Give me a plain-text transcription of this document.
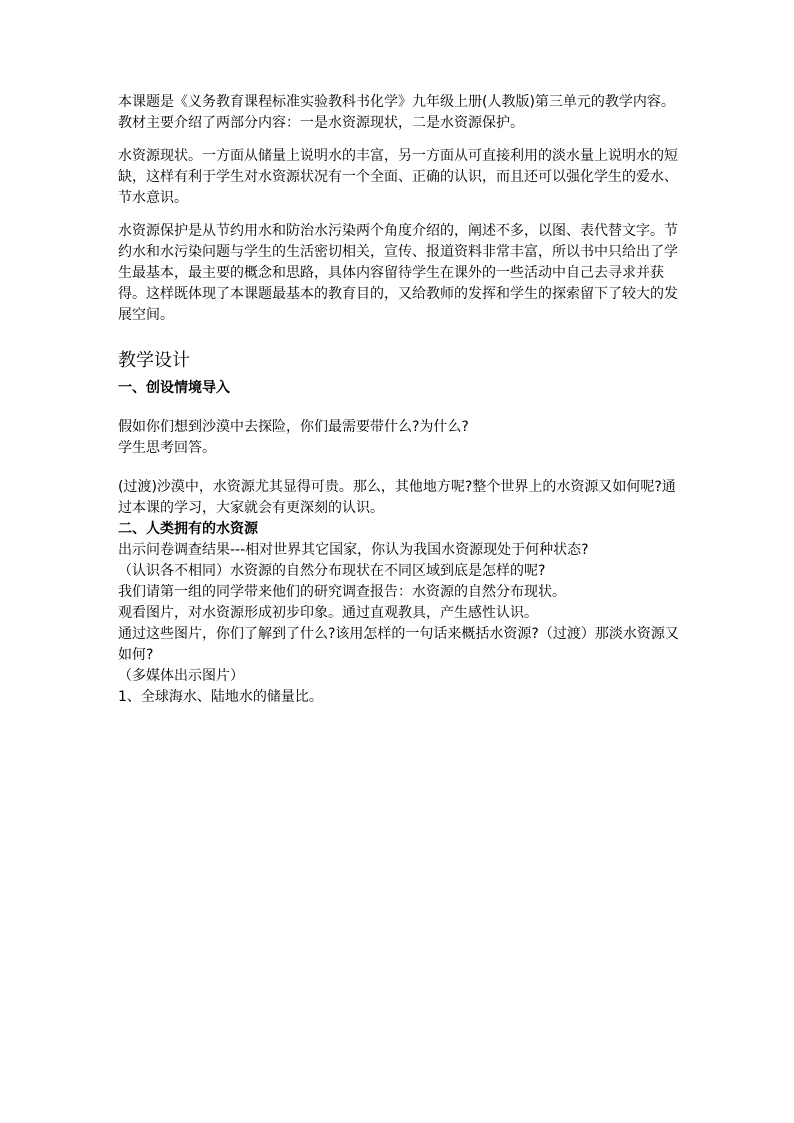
本课题是《义务教育课程标准实验教科书化学》九年级上册(人教版)第三单元的教学内容。教材主要介绍了两部分内容：一是水资源现状，二是水资源保护。

水资源现状。一方面从储量上说明水的丰富，另一方面从可直接利用的淡水量上说明水的短缺，这样有利于学生对水资源状况有一个全面、正确的认识，而且还可以强化学生的爱水、节水意识。

水资源保护是从节约用水和防治水污染两个角度介绍的，阐述不多，以图、表代替文字。节约水和水污染问题与学生的生活密切相关，宣传、报道资料非常丰富，所以书中只给出了学生最基本，最主要的概念和思路，具体内容留待学生在课外的一些活动中自己去寻求并获得。这样既体现了本课题最基本的教育目的，又给教师的发挥和学生的探索留下了较大的发展空间。

教学设计
一、创设情境导入

假如你们想到沙漠中去探险，你们最需要带什么?为什么?

学生思考回答。

(过渡)沙漠中，水资源尤其显得可贵。那么，其他地方呢?整个世界上的水资源又如何呢?通过本课的学习，大家就会有更深刻的认识。

二、人类拥有的水资源

出示问卷调查结果---相对世界其它国家，你认为我国水资源现处于何种状态?

（认识各不相同）水资源的自然分布现状在不同区域到底是怎样的呢?

我们请第一组的同学带来他们的研究调查报告：水资源的自然分布现状。

观看图片，对水资源形成初步印象。通过直观教具，产生感性认识。

通过这些图片，你们了解到了什么?该用怎样的一句话来概括水资源?（过渡）那淡水资源又如何?

（多媒体出示图片）

1、全球海水、陆地水的储量比。
